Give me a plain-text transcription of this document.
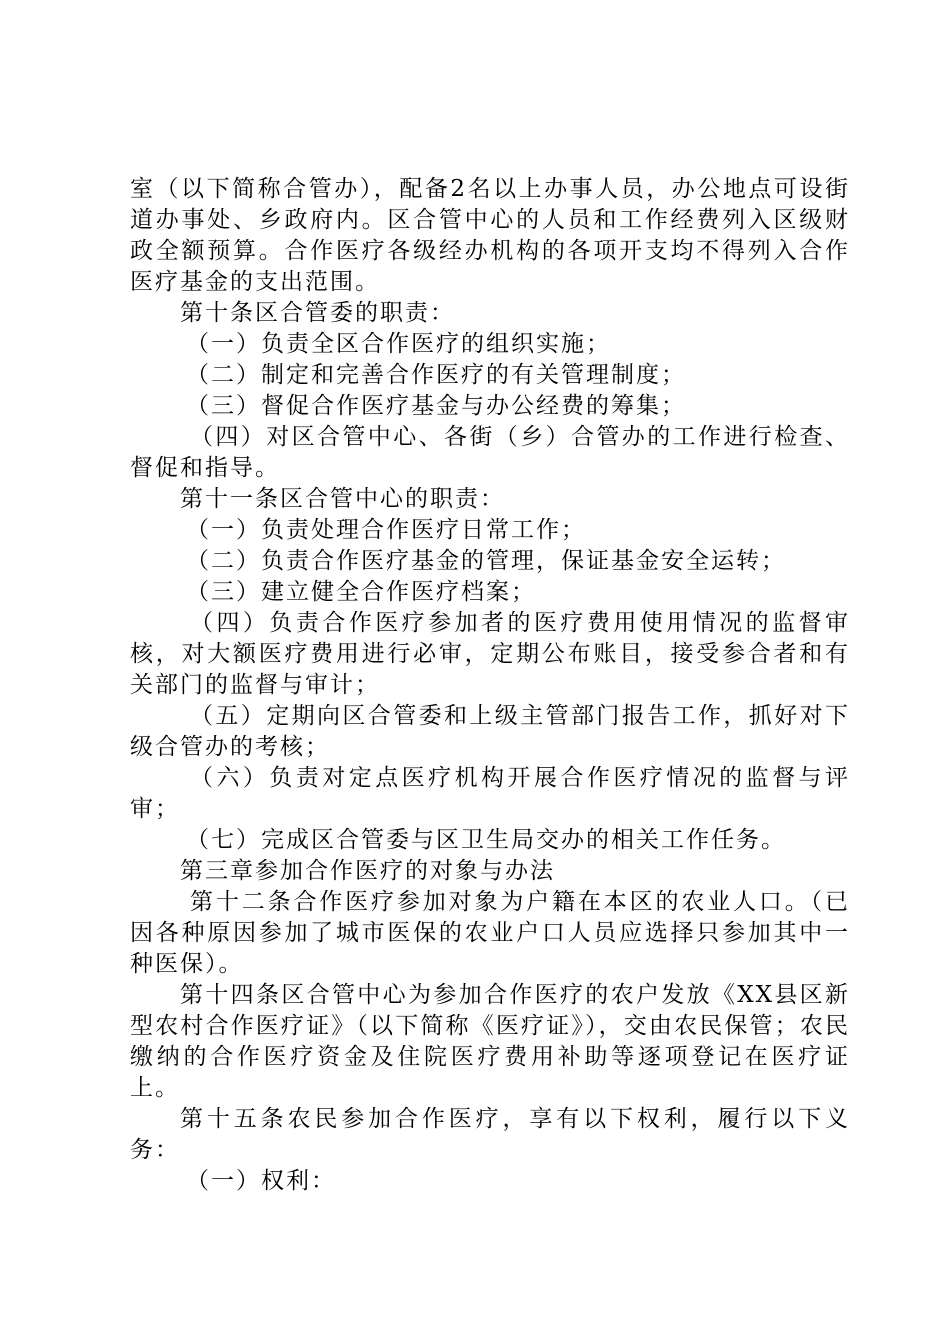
室（以下简称合管办），配备2名以上办事人员，办公地点可设街道办事处、乡政府内。区合管中心的人员和工作经费列入区级财政全额预算。合作医疗各级经办机构的各项开支均不得列入合作医疗基金的支出范围。

第十条区合管委的职责：

（一）负责全区合作医疗的组织实施；

（二）制定和完善合作医疗的有关管理制度；

（三）督促合作医疗基金与办公经费的筹集；

（四）对区合管中心、各街（乡）合管办的工作进行检查、督促和指导。

第十一条区合管中心的职责：

（一）负责处理合作医疗日常工作；

（二）负责合作医疗基金的管理，保证基金安全运转；

（三）建立健全合作医疗档案；

（四）负责合作医疗参加者的医疗费用使用情况的监督审核，对大额医疗费用进行必审，定期公布账目，接受参合者和有关部门的监督与审计；

（五）定期向区合管委和上级主管部门报告工作，抓好对下级合管办的考核；

（六）负责对定点医疗机构开展合作医疗情况的监督与评审；

（七）完成区合管委与区卫生局交办的相关工作任务。

第三章参加合作医疗的对象与办法

第十二条合作医疗参加对象为户籍在本区的农业人口。（已因各种原因参加了城市医保的农业户口人员应选择只参加其中一种医保）。

第十四条区合管中心为参加合作医疗的农户发放《XX县区新型农村合作医疗证》（以下简称《医疗证》），交由农民保管；农民缴纳的合作医疗资金及住院医疗费用补助等逐项登记在医疗证上。

第十五条农民参加合作医疗，享有以下权利，履行以下义务：

（一）权利：
